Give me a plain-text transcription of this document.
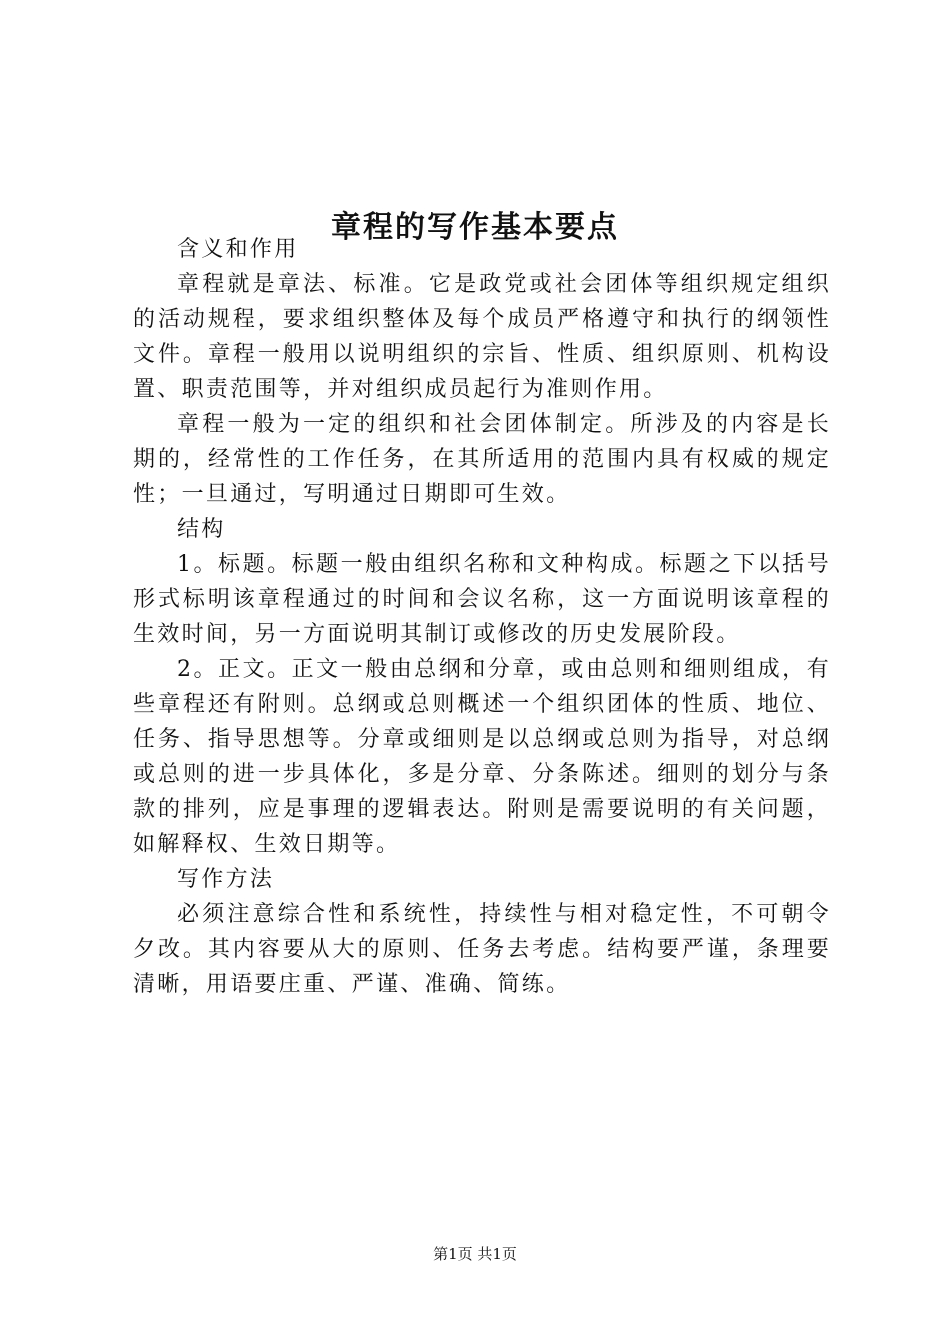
章程的写作基本要点

含义和作用

章程就是章法、标准。它是政党或社会团体等组织规定组织的活动规程，要求组织整体及每个成员严格遵守和执行的纲领性文件。章程一般用以说明组织的宗旨、性质、组织原则、机构设置、职责范围等，并对组织成员起行为准则作用。

章程一般为一定的组织和社会团体制定。所涉及的内容是长期的，经常性的工作任务，在其所适用的范围内具有权威的规定性；一旦通过，写明通过日期即可生效。

结构

1。标题。标题一般由组织名称和文种构成。标题之下以括号形式标明该章程通过的时间和会议名称，这一方面说明该章程的生效时间，另一方面说明其制订或修改的历史发展阶段。

2。正文。正文一般由总纲和分章，或由总则和细则组成，有些章程还有附则。总纲或总则概述一个组织团体的性质、地位、任务、指导思想等。分章或细则是以总纲或总则为指导，对总纲或总则的进一步具体化，多是分章、分条陈述。细则的划分与条款的排列，应是事理的逻辑表达。附则是需要说明的有关问题，如解释权、生效日期等。

写作方法

必须注意综合性和系统性，持续性与相对稳定性，不可朝令夕改。其内容要从大的原则、任务去考虑。结构要严谨，条理要清晰，用语要庄重、严谨、准确、简练。

第1页 共1页
